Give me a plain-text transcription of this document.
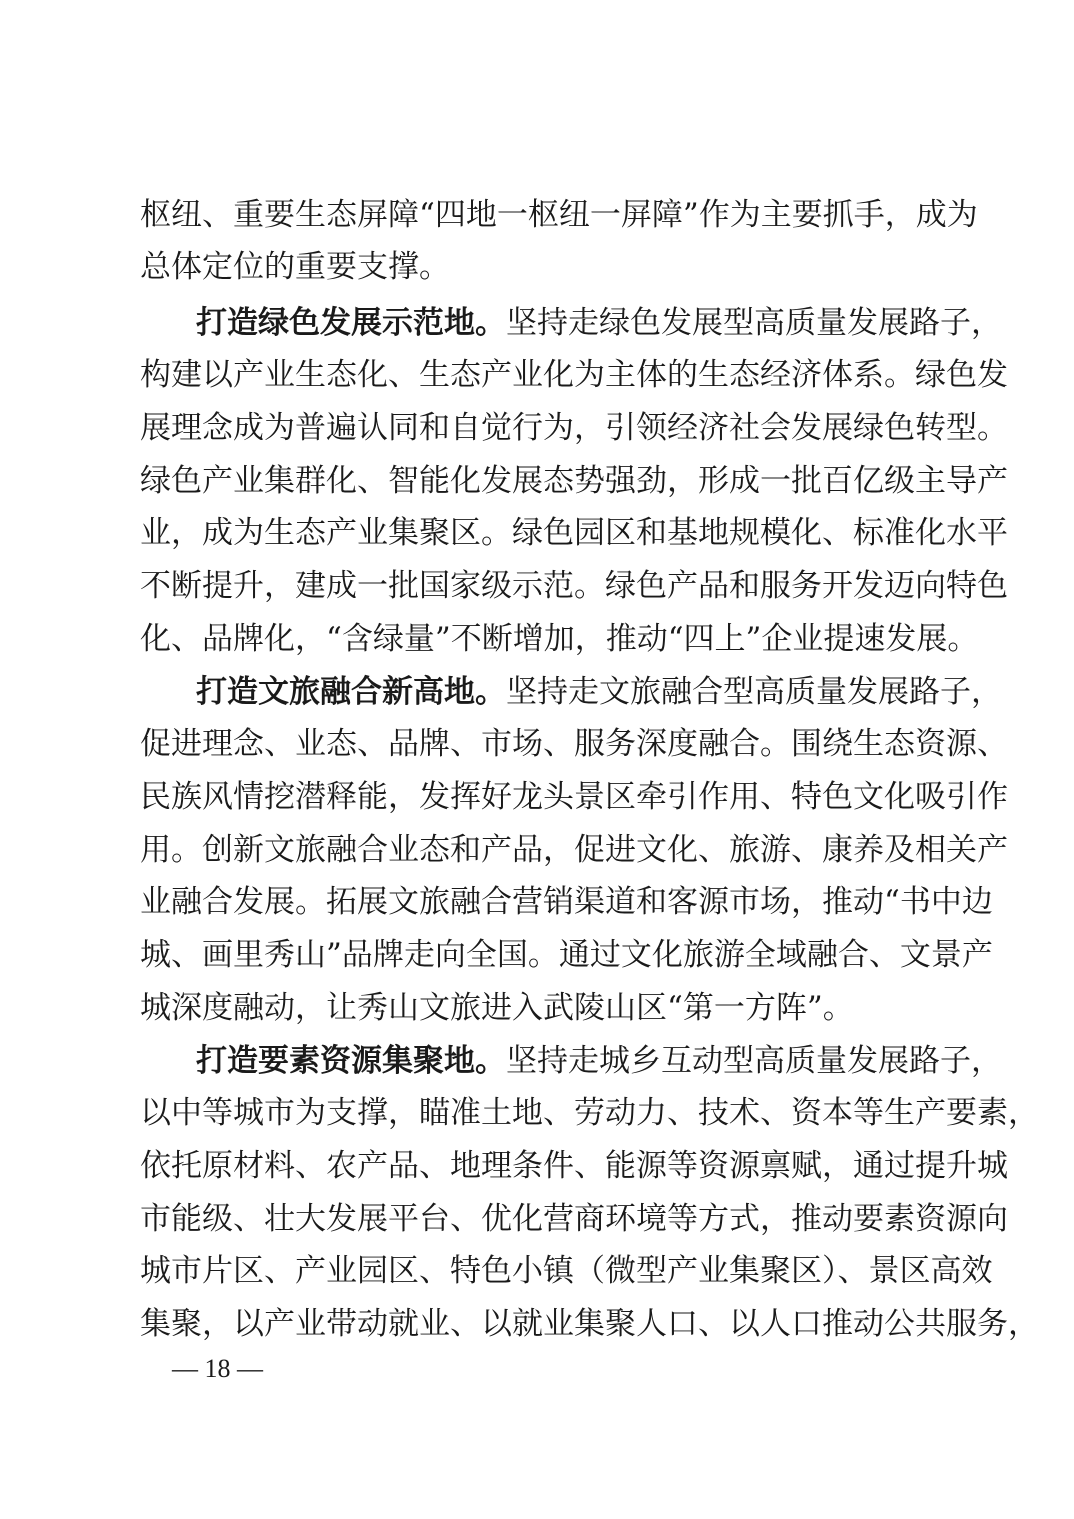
枢纽、重要生态屏障“四地一枢纽一屏障”作为主要抓手，成为
总体定位的重要支撑。
打造绿色发展示范地。坚持走绿色发展型高质量发展路子，
构建以产业生态化、生态产业化为主体的生态经济体系。绿色发
展理念成为普遍认同和自觉行为，引领经济社会发展绿色转型。
绿色产业集群化、智能化发展态势强劲，形成一批百亿级主导产
业，成为生态产业集聚区。绿色园区和基地规模化、标准化水平
不断提升，建成一批国家级示范。绿色产品和服务开发迈向特色
化、品牌化，“含绿量”不断增加，推动“四上”企业提速发展。
打造文旅融合新高地。坚持走文旅融合型高质量发展路子，
促进理念、业态、品牌、市场、服务深度融合。围绕生态资源、
民族风情挖潜释能，发挥好龙头景区牵引作用、特色文化吸引作
用。创新文旅融合业态和产品，促进文化、旅游、康养及相关产
业融合发展。拓展文旅融合营销渠道和客源市场，推动“书中边
城、画里秀山”品牌走向全国。通过文化旅游全域融合、文景产
城深度融动，让秀山文旅进入武陵山区“第一方阵”。
打造要素资源集聚地。坚持走城乡互动型高质量发展路子，
以中等城市为支撑，瞄准土地、劳动力、技术、资本等生产要素，
依托原材料、农产品、地理条件、能源等资源禀赋，通过提升城
市能级、壮大发展平台、优化营商环境等方式，推动要素资源向
城市片区、产业园区、特色小镇（微型产业集聚区）、景区高效
集聚，以产业带动就业、以就业集聚人口、以人口推动公共服务，
— 18 —
